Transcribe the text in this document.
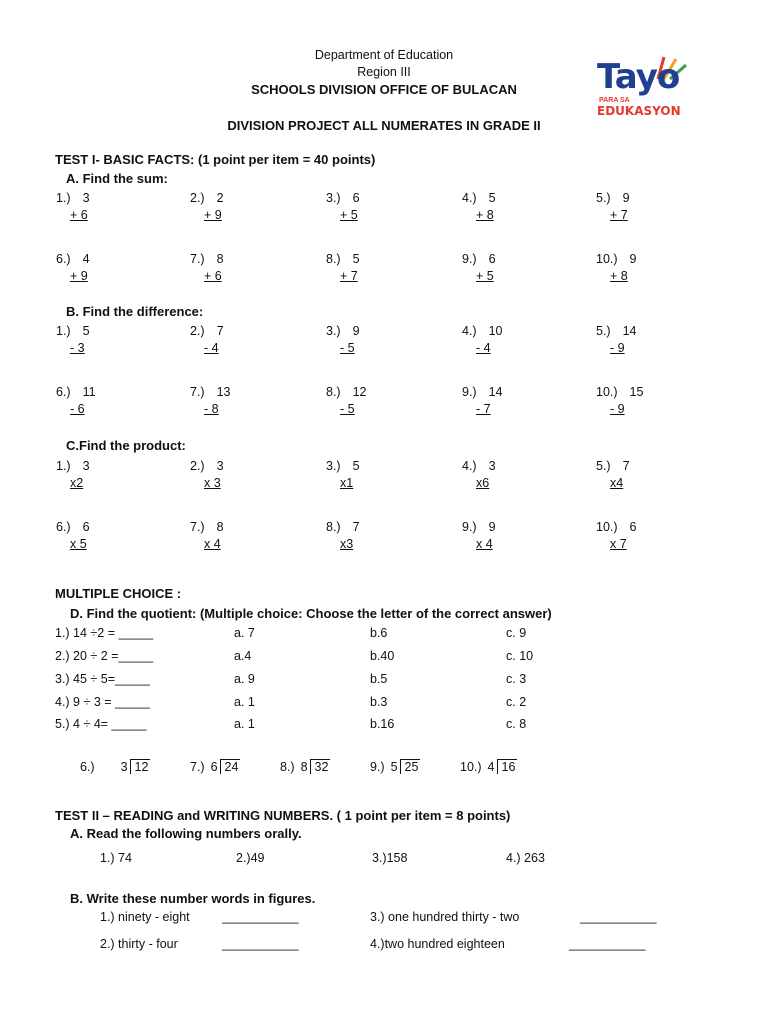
Department of Education
Region III
SCHOOLS DIVISION OFFICE OF BULACAN
DIVISION PROJECT ALL NUMERATES IN GRADE II
Tayo
PARA SA
EDUKASYON
TEST I- BASIC FACTS: (1 point per item = 40 points)
A. Find the sum:
1.) 3
+ 6
2.) 2
+ 9
3.) 6
+ 5
4.) 5
+ 8
5.) 9
+ 7
6.) 4
+ 9
7.) 8
+ 6
8.) 5
+ 7
9.) 6
+ 5
10.) 9
+ 8
B. Find the difference:
1.) 5
- 3
2.) 7
- 4
3.) 9
- 5
4.) 10
- 4
5.) 14
- 9
6.) 11
- 6
7.) 13
- 8
8.) 12
- 5
9.) 14
- 7
10.) 15
- 9
C.Find the product:
1.) 3
x2
2.) 3
x 3
3.) 5
x1
4.) 3
x6
5.) 7
x4
6.) 6
x 5
7.) 8
x 4
8.) 7
x3
9.) 9
x 4
10.) 6
x 7
MULTIPLE CHOICE :
D. Find the quotient: (Multiple choice: Choose the letter of the correct answer)
1.) 14 ÷2 = _____	a. 7	b.6	c. 9
2.) 20 ÷ 2 =_____	a.4	b.40	c. 10
3.) 45 ÷ 5=_____	a. 9	b.5	c. 3
4.) 9 ÷ 3 = _____	a. 1	b.3	c. 2
5.) 4 ÷ 4= _____	a. 1	b.16	c. 8
6.) 3 12	7.) 6 24	8.) 8 32	9.) 5 25	10.) 4 16
TEST II – READING and WRITING NUMBERS. ( 1 point per item = 8 points)
A. Read the following numbers orally.
1.) 74	2.)49	3.)158	4.) 263
B. Write these number words in figures.
1.) ninety - eight	___________	3.) one hundred thirty - two	___________
2.) thirty - four	___________	4.)two hundred eighteen	___________
